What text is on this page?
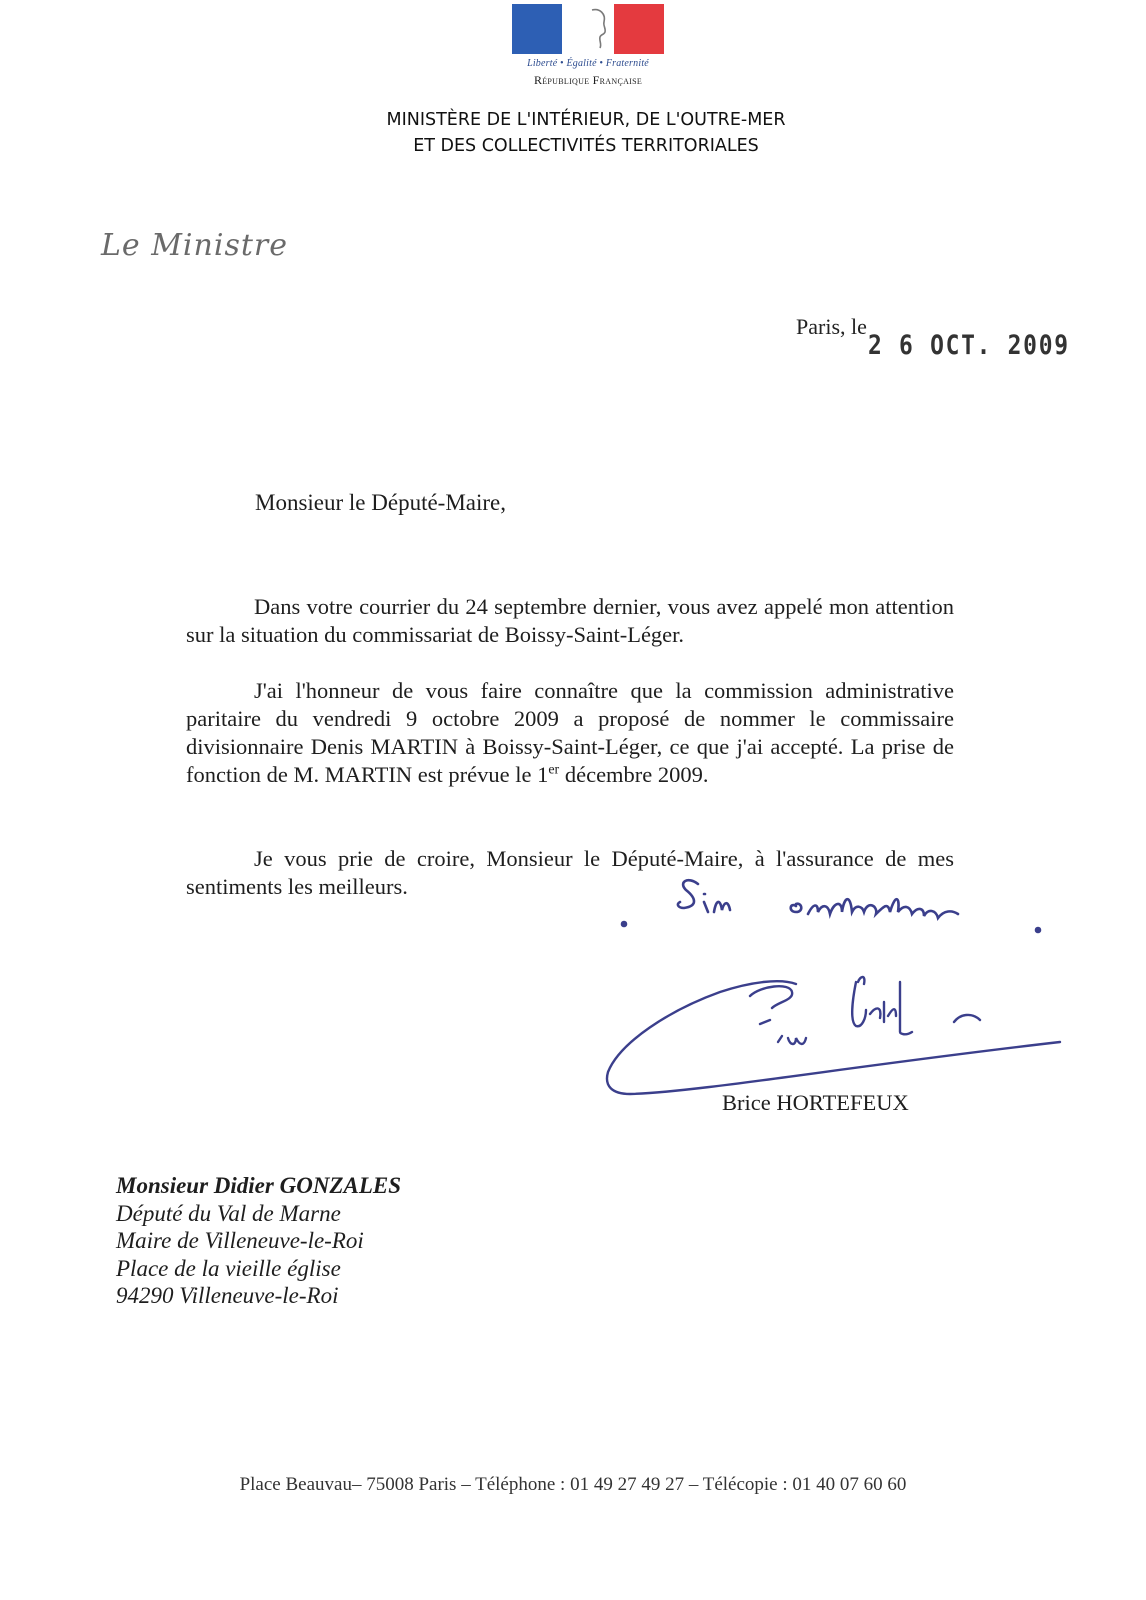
Liberté • Égalité • Fraternité
République Française
MINISTÈRE DE L'INTÉRIEUR, DE L'OUTRE-MER
ET DES COLLECTIVITÉS TERRITORIALES
Le Ministre
Paris, le
2 6 OCT. 2009
Monsieur le Député-Maire,
Dans votre courrier du 24 septembre dernier, vous avez appelé mon attention sur la situation du commissariat de Boissy-Saint-Léger.
J'ai l'honneur de vous faire connaître que la commission administrative paritaire du vendredi 9 octobre 2009 a proposé de nommer le commissaire divisionnaire Denis MARTIN à Boissy-Saint-Léger, ce que j'ai accepté. La prise de fonction de M. MARTIN est prévue le 1er décembre 2009.
Je vous prie de croire, Monsieur le Député-Maire, à l'assurance de mes sentiments les meilleurs.
Brice HORTEFEUX
Monsieur Didier GONZALES
Député du Val de Marne
Maire de Villeneuve-le-Roi
Place de la vieille église
94290 Villeneuve-le-Roi
Place Beauvau– 75008 Paris – Téléphone : 01 49 27 49 27 – Télécopie : 01 40 07 60 60
